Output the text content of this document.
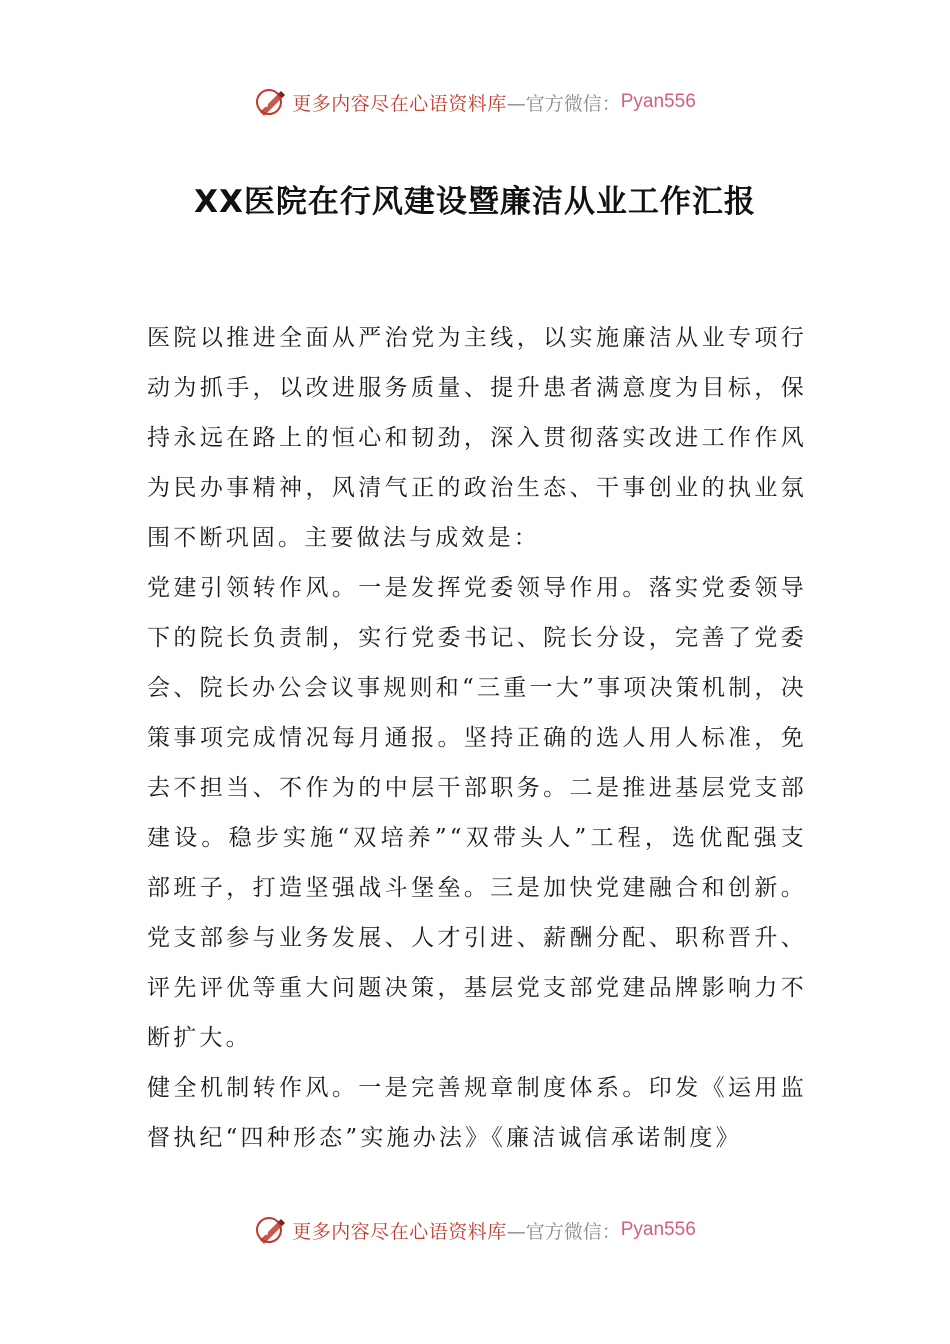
更多内容尽在心语资料库 —官方微信： Pyan556
XX医院在行风建设暨廉洁从业工作汇报

医院以推进全面从严治党为主线，以实施廉洁从业专项行动为抓手，以改进服务质量、提升患者满意度为目标，保持永远在路上的恒心和韧劲，深入贯彻落实改进工作作风为民办事精神，风清气正的政治生态、干事创业的执业氛围不断巩固。主要做法与成效是：

党建引领转作风。一是发挥党委领导作用。落实党委领导下的院长负责制，实行党委书记、院长分设，完善了党委会、院长办公会议事规则和“三重一大”事项决策机制，决策事项完成情况每月通报。坚持正确的选人用人标准，免去不担当、不作为的中层干部职务。二是推进基层党支部建设。稳步实施“双培养”“双带头人”工程，选优配强支部班子，打造坚强战斗堡垒。三是加快党建融合和创新。党支部参与业务发展、人才引进、薪酬分配、职称晋升、评先评优等重大问题决策，基层党支部党建品牌影响力不断扩大。

健全机制转作风。一是完善规章制度体系。印发《运用监督执纪“四种形态”实施办法》《廉洁诚信承诺制度》

更多内容尽在心语资料库 —官方微信： Pyan556
